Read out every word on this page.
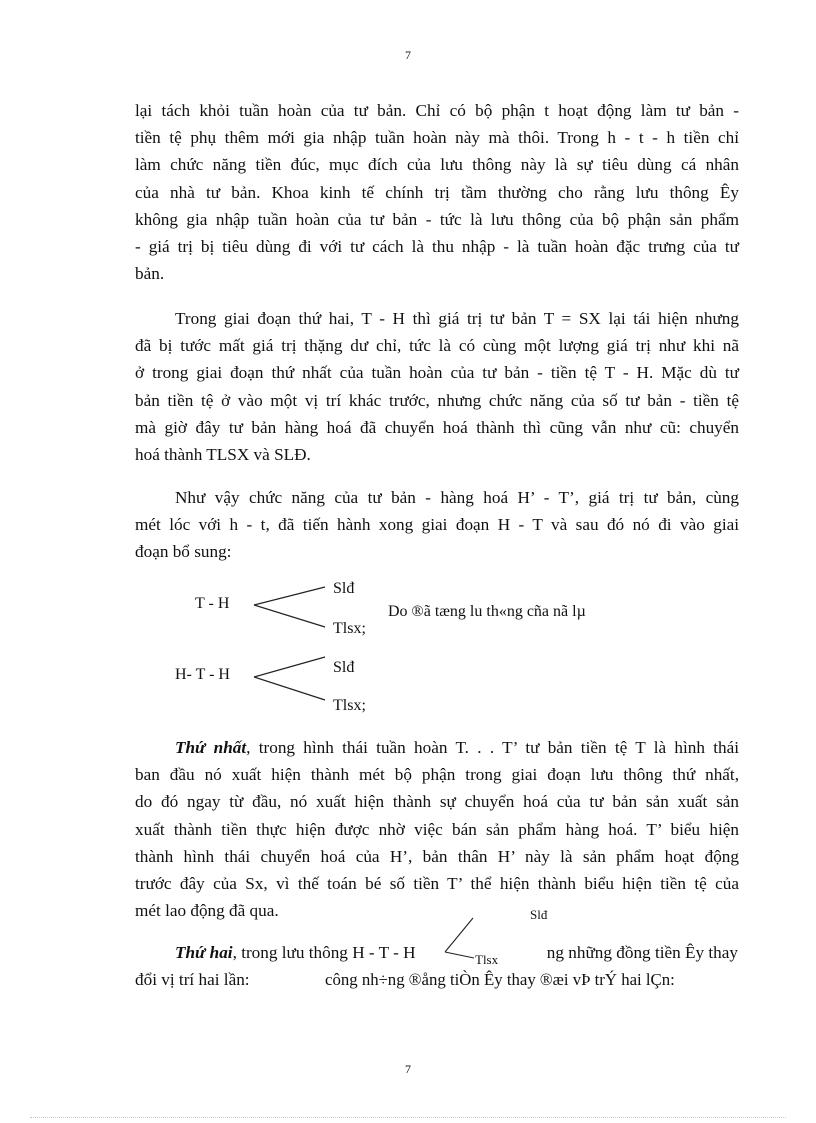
7
lại tách khỏi tuần hoàn của tư bản. Chỉ có bộ phận t hoạt động làm tư bản -
tiền tệ phụ thêm mới gia nhập tuần hoàn này mà thôi. Trong h - t - h tiền chỉ
làm chức năng tiền đúc, mục đích của lưu thông này là sự tiêu dùng cá nhân
của nhà tư bản. Khoa kinh tế chính trị tầm thường cho rằng lưu thông Êy
không gia nhập tuần hoàn của tư bản - tức là lưu thông của bộ phận sản phẩm
- giá trị bị tiêu dùng đi với tư cách là thu nhập - là tuần hoàn đặc trưng của tư
bản.
Trong giai đoạn thứ hai, T - H thì giá trị tư bản T = SX lại tái hiện nhưng
đã bị tước mất giá trị thặng dư chỉ, tức là có cùng một lượng giá trị như khi nã
ở trong giai đoạn thứ nhất của tuần hoàn của tư bản - tiền tệ T - H. Mặc dù tư
bản tiền tệ ở vào một vị trí khác trước, nhưng chức năng của số tư bản - tiền tệ
mà giờ đây tư bản hàng hoá đã chuyển hoá thành thì cũng vẫn như cũ: chuyển
hoá thành TLSX và SLĐ.
Như vậy chức năng của tư bản - hàng hoá H’ - T’, giá trị tư bản, cùng
mét lóc với h - t, đã tiến hành xong giai đoạn H - T và sau đó nó đi vào giai
đoạn bổ sung:
T - H
Slđ
Tlsx;
Do ®ã tæng lu th«ng cña nã lµ
H- T - H	Slđ
Tlsx;
Thứ nhất, trong hình thái tuần hoàn T. . . T’ tư bản tiền tệ T là hình thái
ban đầu nó xuất hiện thành mét bộ phận trong giai đoạn lưu thông thứ nhất,
do đó ngay từ đầu, nó xuất hiện thành sự chuyển hoá của tư bản sản xuất sản
xuất thành tiền thực hiện được nhờ việc bán sản phẩm hàng hoá. T’ biểu hiện
thành hình thái chuyển hoá của H’, bản thân H’ này là sản phẩm hoạt động
trước đây của Sx, vì thế toán bé số tiền T’ thể hiện thành biểu hiện tiền tệ của
mét lao động đã qua.	Slđ
Thứ hai, trong lưu thông H - T - H	Tlsx	ng những đồng tiền Êy thay
đổi vị trí hai lần:	công nh÷ng ®ång tiÒn Êy thay ®æi vÞ trÝ hai lÇn:
7
